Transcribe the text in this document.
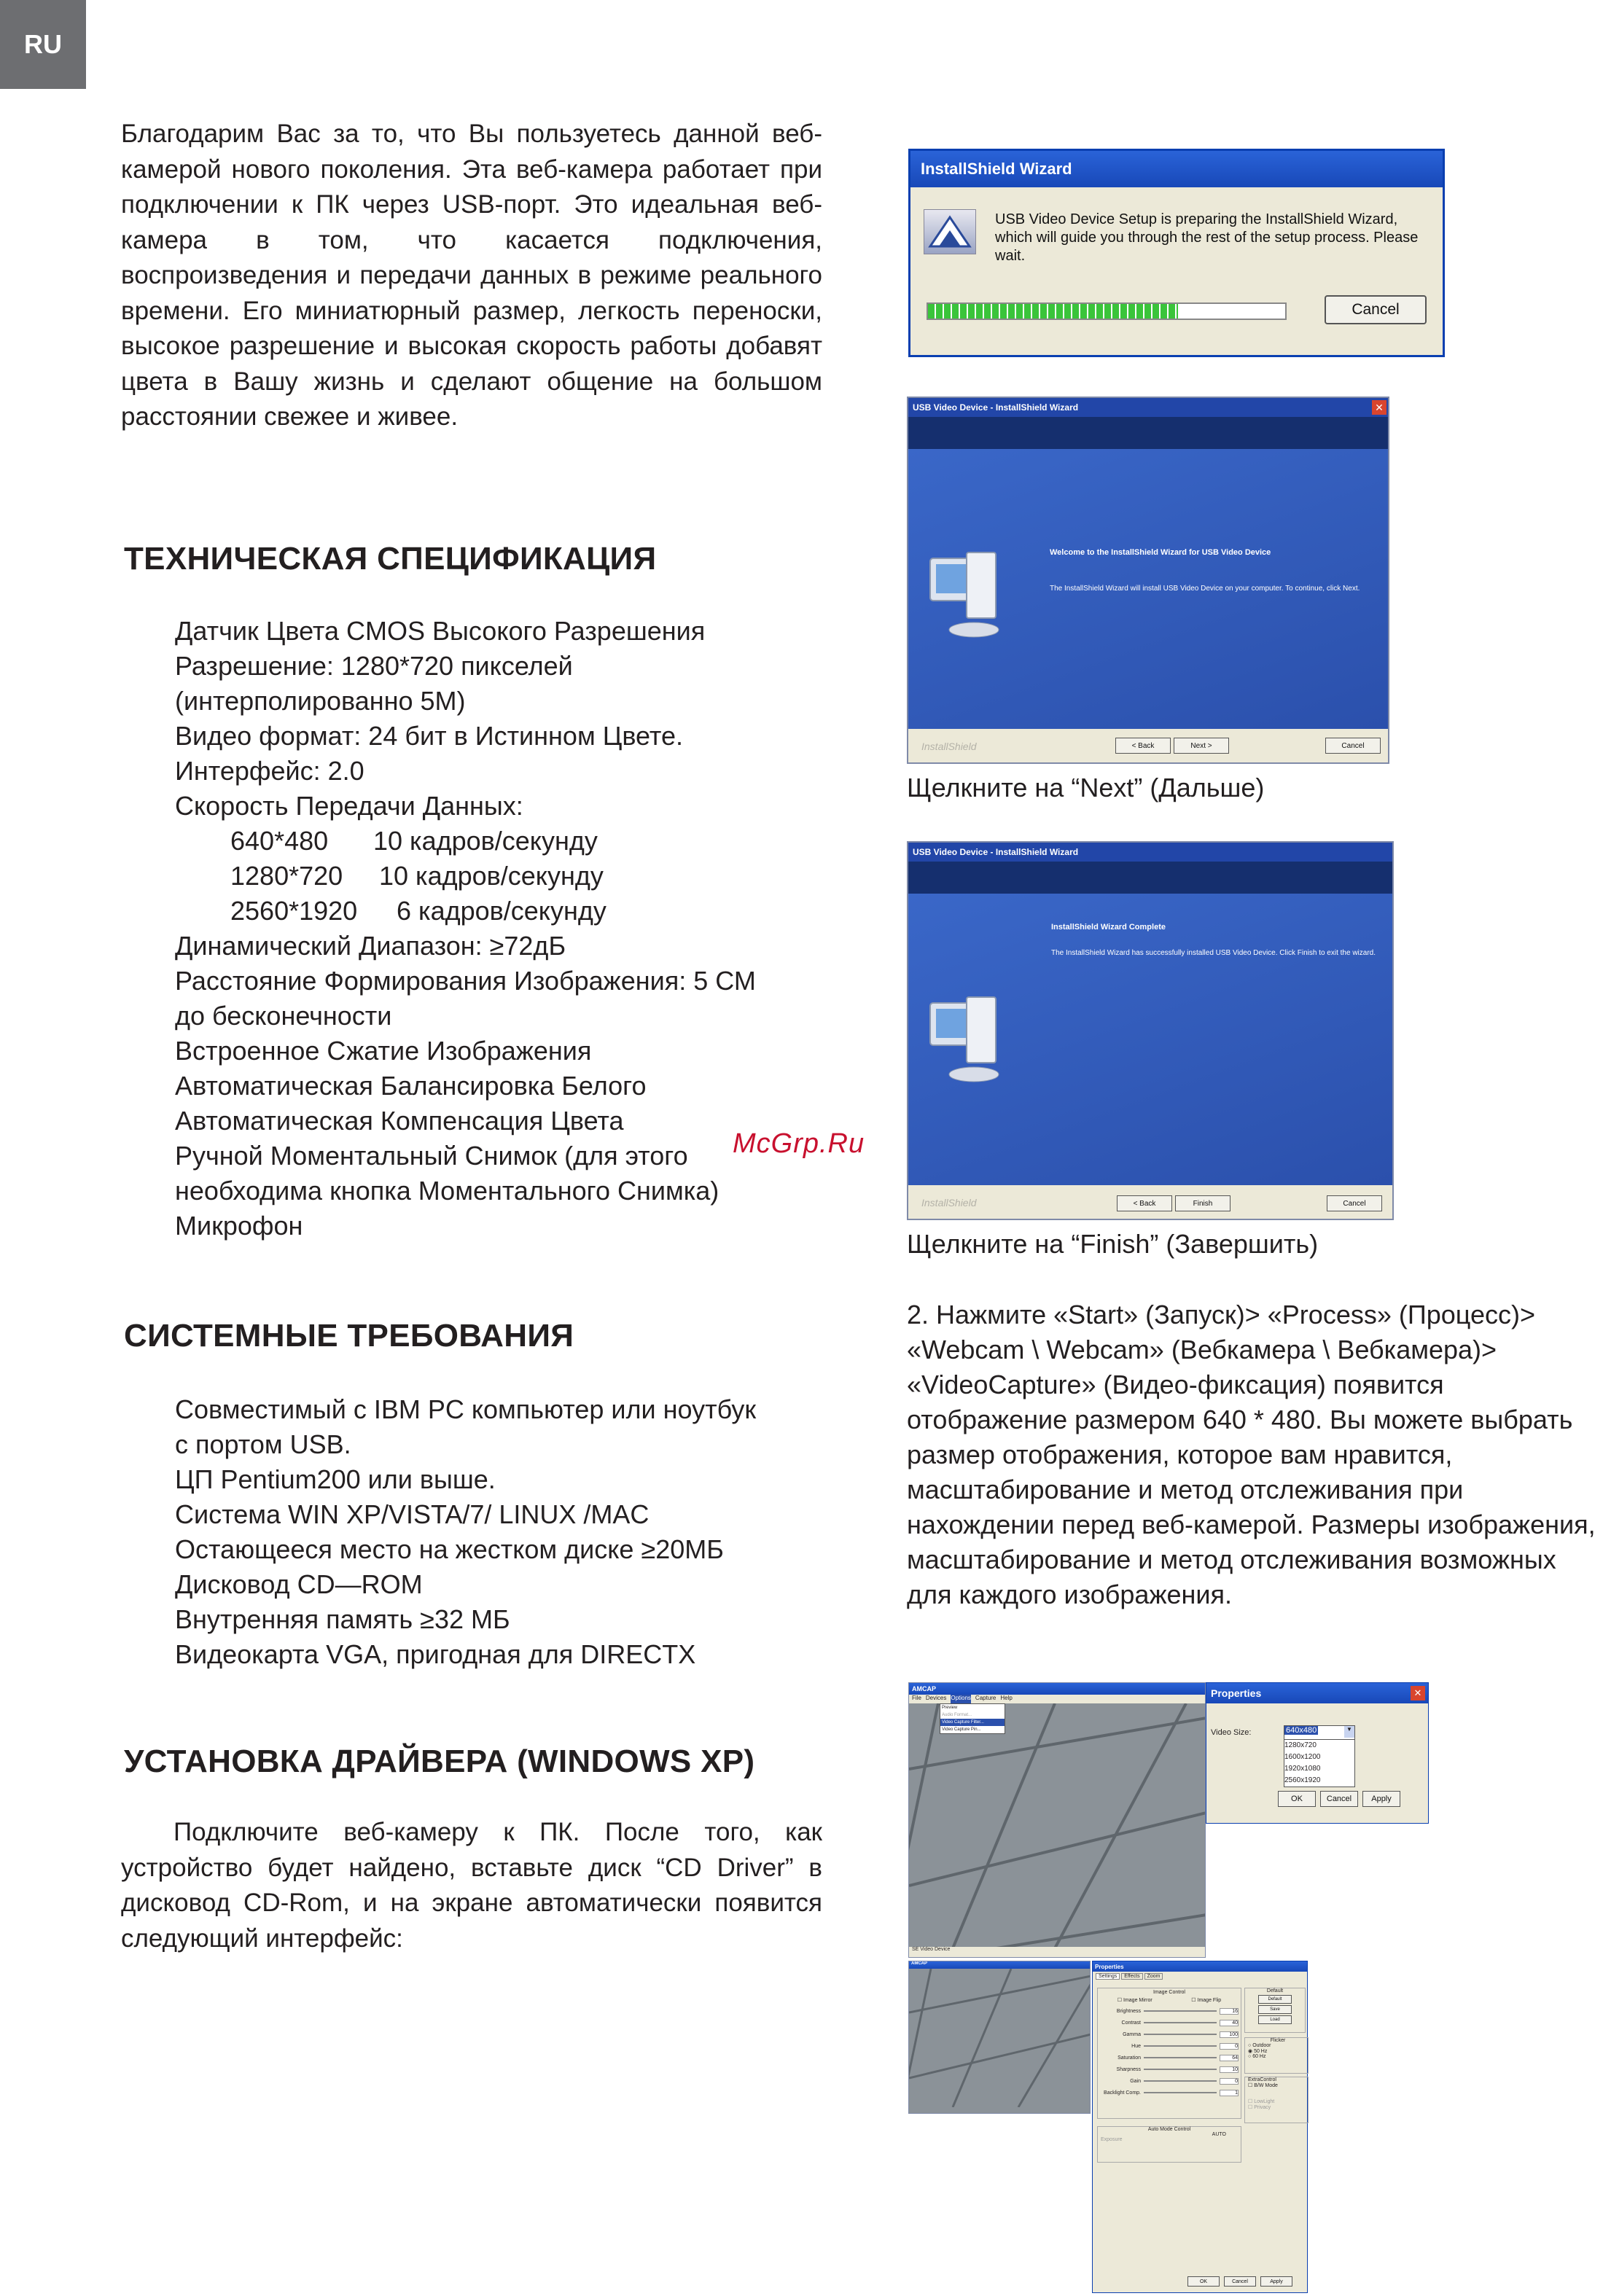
RU
Благодарим Вас за то, что Вы пользуетесь данной веб-камерой нового поколения. Эта веб-камера работает при подключении к ПК через USB-порт. Это идеальная веб-камера в том, что касается подключения, воспроизведения и передачи данных в режиме реального времени. Его миниатюрный размер, легкость переноски, высокое разрешение и высокая скорость работы добавят цвета в Вашу жизнь и сделают общение на большом расстоянии свежее и живее.
ТЕХНИЧЕСКАЯ СПЕЦИФИКАЦИЯ
Датчик Цвета CMOS Высокого Разрешения
Разрешение: 1280*720 пикселей
(интерполированно 5M)
Видео формат: 24 бит в Истинном Цвете.
Интерфейс: 2.0
Скорость Передачи Данных:
640*480 10 кадров/секунду
1280*720 10 кадров/секунду
2560*1920 6 кадров/секунду
Динамический Диапазон: ≥72дБ
Расстояние Формирования Изображения: 5 СМ
до бесконечности
Встроенное Сжатие Изображения
Автоматическая Балансировка Белого
Автоматическая Компенсация Цвета
Ручной Моментальный Снимок (для этого
необходима кнопка Моментального Снимка)
Микрофон
McGrp.Ru
СИСТЕМНЫЕ ТРЕБОВАНИЯ
Совместимый с IBM PC компьютер или ноутбук
с портом USB.
ЦП Pentium200 или выше.
Система WIN XP/VISTA/7/ LINUX /MAC
Остающееся место на жестком диске ≥20МБ
Дисковод CD—ROM
Внутренняя память ≥32 МБ
Видеокарта VGA, пригодная для DIRECTX
УСТАНОВКА ДРАЙВЕРА (WINDOWS XP)
Подключите веб-камеру к ПК. После того, как устройство будет найдено, вставьте диск “CD Driver” в дисковод CD-Rom, и на экране автоматически появится следующий интерфейс:
InstallShield Wizard
USB Video Device Setup is preparing the InstallShield Wizard, which will guide you through the rest of the setup process. Please wait.
Cancel
USB Video Device - InstallShield Wizard	✕
Welcome to the InstallShield Wizard for USB Video Device
The InstallShield Wizard will install USB Video Device on your computer. To continue, click Next.
InstallShield	< Back	Next >	Cancel
Щелкните на “Next” (Дальше)
USB Video Device - InstallShield Wizard
InstallShield Wizard Complete
The InstallShield Wizard has successfully installed USB Video Device. Click Finish to exit the wizard.
InstallShield	< Back	Finish	Cancel
Щелкните на “Finish” (Завершить)
2. Нажмите «Start» (Запуск)> «Process» (Процесс)> «Webcam \ Webcam» (Вебкамера \ Вебкамера)> «VideoCapture» (Видео-фиксация) появится отображение размером 640 * 480. Вы можете выбрать размер отображения, которое вам нравится, масштабирование и метод отслеживания при нахождении перед веб-камерой. Размеры изображения, масштабирование и метод отслеживания возможных для каждого изображения.
AMCAP
File Devices Options Capture Help
Preview
Audio Format...
Video Capture Filter...
Video Capture Pin...
SE Video Device
Properties	✕
Video Size:	640x480	▼
1280x720
1600x1200
1920x1080
2560x1920
OK	Cancel	Apply
AMCAP	Properties
Settings	Effects	Zoom
Image Control
☐ Image Mirror	☐ Image Flip
Brightness	16
Contrast	40
Gamma	100
Hue	0
Saturation	64
Sharpness	10
Gain	0
Backlight Comp.	1
Default
Default
Save
Load
Flicker
○ Outdoor
◉ 50 Hz
○ 60 Hz
ExtraControl
☐ B/W Mode
☐ LowLight
☐ Privacy
Auto Mode Control
AUTO
Exposure
OK	Cancel	Apply
